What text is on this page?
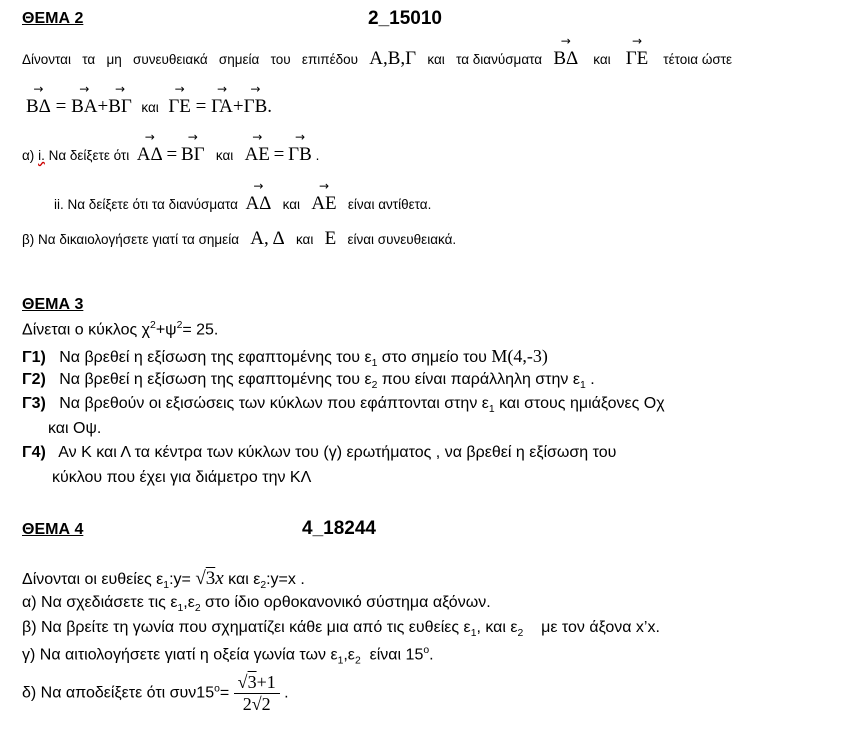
ΘΕΜΑ 2	2_15010
Δίνονται τα μη συνευθειακά σημεία του επιπέδου Α,Β,Γ και τα διανύσματα → ΒΔ και → ΓΕ τέτοια ώστε
→ ΒΔ = → ΒΑ+→ ΒΓ και → ΓΕ = → ΓΑ+→ ΓΒ.
α) i. Να δείξετε ότι → ΑΔ = → ΒΓ και → ΑΕ = → ΓΒ .
ii. Να δείξετε ότι τα διανύσματα → ΑΔ και → ΑΕ είναι αντίθετα.
β) Να δικαιολογήσετε γιατί τα σημεία Α, Δ και Ε είναι συνευθειακά.
ΘΕΜΑ 3
Δίνεται ο κύκλος $\chi^2+\psi^2= 25$.
Γ1) Να βρεθεί η εξίσωση της εφαπτομένης του $\varepsilon_1$ στο σημείο του Μ(4,-3)
Γ2) Να βρεθεί η εξίσωση της εφαπτομένης του $\varepsilon_2$ που είναι παράλληλη στην $\varepsilon_1$ .
Γ3) Να βρεθούν οι εξισώσεις των κύκλων που εφάπτονται στην $\varepsilon_1$ και στους ημιάξονες Οχ
και Οψ.
Γ4) Αν Κ και Λ τα κέντρα των κύκλων του (γ) ερωτήματος , να βρεθεί η εξίσωση του
κύκλου που έχει για διάμετρο την ΚΛ
ΘΕΜΑ 4	4_18244
Δίνονται οι ευθείες $\varepsilon_1:y= √3x$ και $\varepsilon_2:y=x$ .
α) Να σχεδιάσετε τις $\varepsilon_1,\varepsilon_2$ στο ίδιο ορθοκανονικό σύστημα αξόνων.
β) Να βρείτε τη γωνία που σχηματίζει κάθε μια από τις ευθείες $\varepsilon_1$, και $\varepsilon_2$    με τον άξονα x’x.
γ) Να αιτιολογήσετε γιατί η οξεία γωνία των $\varepsilon_1,\varepsilon_2$  είναι $15^o$.
δ) Να αποδείξετε ότι $\sigma\upsilon\nu 15^o= \frac{√3+1}{2√2}$ .
